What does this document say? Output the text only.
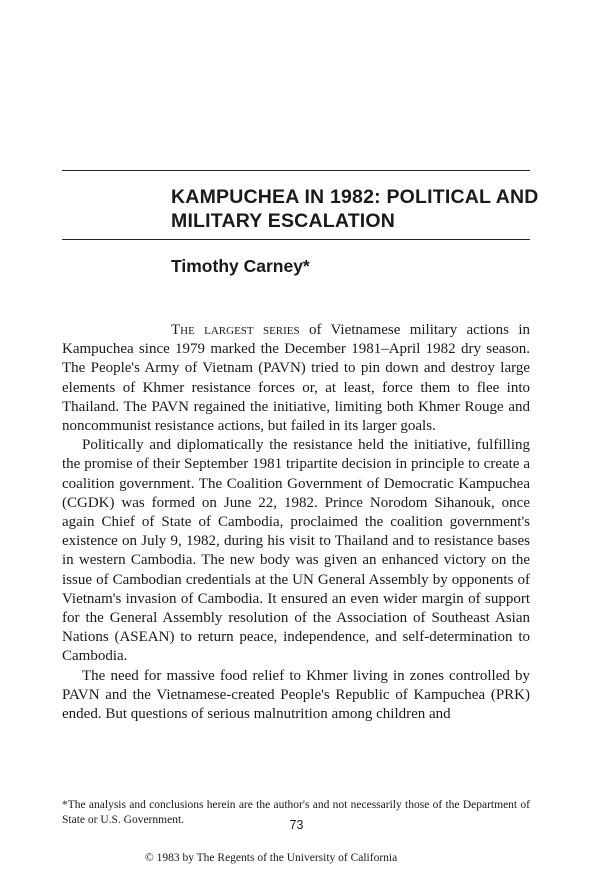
KAMPUCHEA IN 1982: POLITICAL AND
MILITARY ESCALATION
Timothy Carney*

The largest series of Vietnamese military actions in Kampuchea since 1979 marked the December 1981–April 1982 dry season. The People's Army of Vietnam (PAVN) tried to pin down and destroy large elements of Khmer resistance forces or, at least, force them to flee into Thailand. The PAVN regained the initiative, limiting both Khmer Rouge and noncommunist resistance actions, but failed in its larger goals.

Politically and diplomatically the resistance held the initiative, fulfilling the promise of their September 1981 tripartite decision in principle to create a coalition government. The Coalition Government of Democratic Kampuchea (CGDK) was formed on June 22, 1982. Prince Norodom Sihanouk, once again Chief of State of Cambodia, proclaimed the coalition government's existence on July 9, 1982, during his visit to Thailand and to resistance bases in western Cambodia. The new body was given an enhanced victory on the issue of Cambodian credentials at the UN General Assembly by opponents of Vietnam's invasion of Cambodia. It ensured an even wider margin of support for the General Assembly resolution of the Association of Southeast Asian Nations (ASEAN) to return peace, independence, and self-determination to Cambodia.

The need for massive food relief to Khmer living in zones controlled by PAVN and the Vietnamese-created People's Republic of Kampuchea (PRK) ended. But questions of serious malnutrition among children and

*The analysis and conclusions herein are the author's and not necessarily those of the Department of State or U.S. Government.	73
© 1983 by The Regents of the University of California
